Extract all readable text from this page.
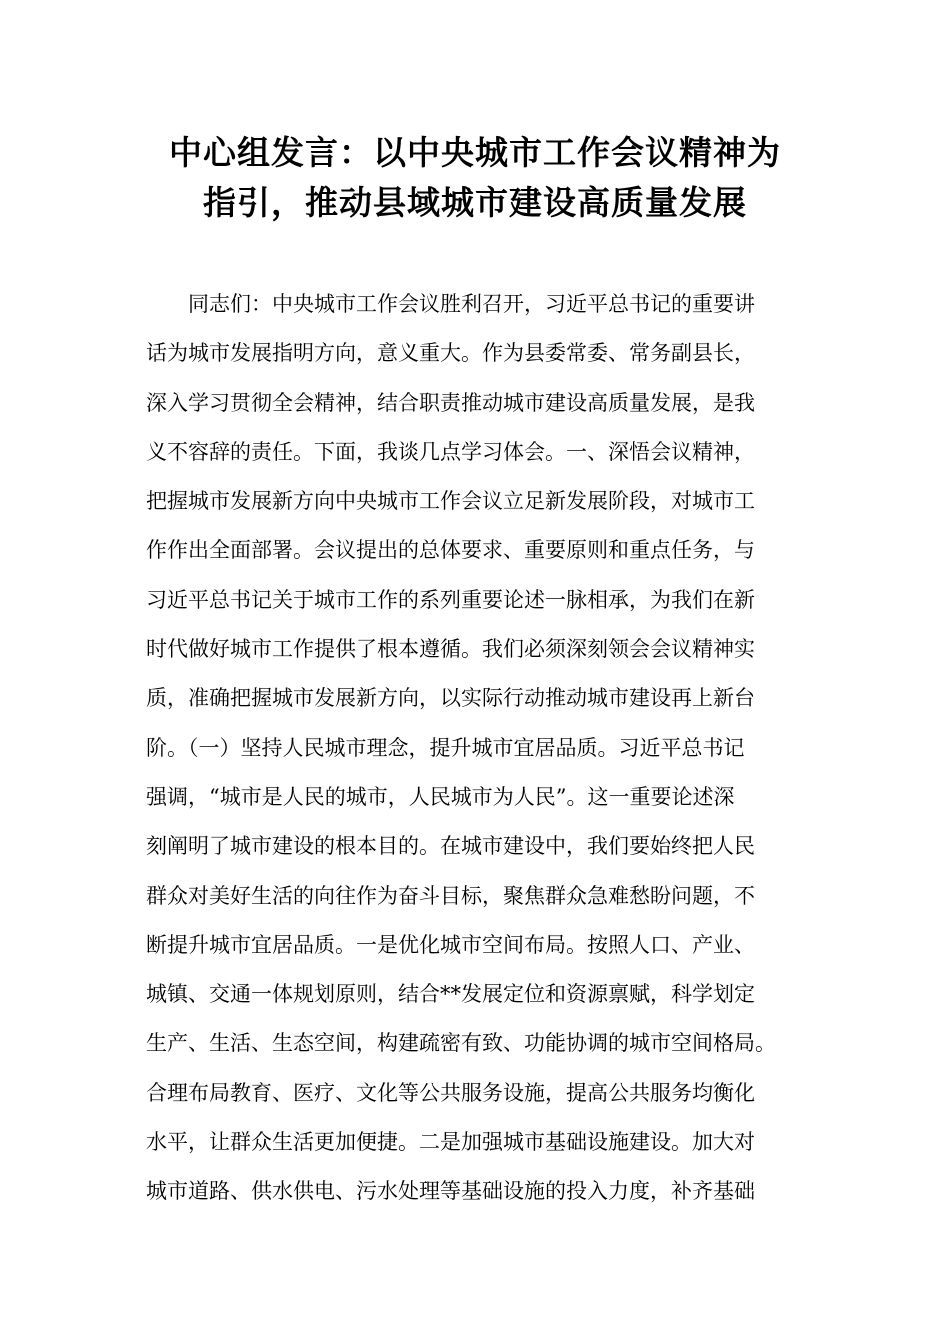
中心组发言：以中央城市工作会议精神为
指引，推动县域城市建设高质量发展
同志们：中央城市工作会议胜利召开，习近平总书记的重要讲
话为城市发展指明方向，意义重大。作为县委常委、常务副县长，
深入学习贯彻全会精神，结合职责推动城市建设高质量发展，是我
义不容辞的责任。下面，我谈几点学习体会。一、深悟会议精神，
把握城市发展新方向中央城市工作会议立足新发展阶段，对城市工
作作出全面部署。会议提出的总体要求、重要原则和重点任务，与
习近平总书记关于城市工作的系列重要论述一脉相承，为我们在新
时代做好城市工作提供了根本遵循。我们必须深刻领会会议精神实
质，准确把握城市发展新方向，以实际行动推动城市建设再上新台
阶。（一）坚持人民城市理念，提升城市宜居品质。习近平总书记
强调，“城市是人民的城市，人民城市为人民”。这一重要论述深
刻阐明了城市建设的根本目的。在城市建设中，我们要始终把人民
群众对美好生活的向往作为奋斗目标，聚焦群众急难愁盼问题，不
断提升城市宜居品质。一是优化城市空间布局。按照人口、产业、
城镇、交通一体规划原则，结合**发展定位和资源禀赋，科学划定
生产、生活、生态空间，构建疏密有致、功能协调的城市空间格局。
合理布局教育、医疗、文化等公共服务设施，提高公共服务均衡化
水平，让群众生活更加便捷。二是加强城市基础设施建设。加大对
城市道路、供水供电、污水处理等基础设施的投入力度，补齐基础
